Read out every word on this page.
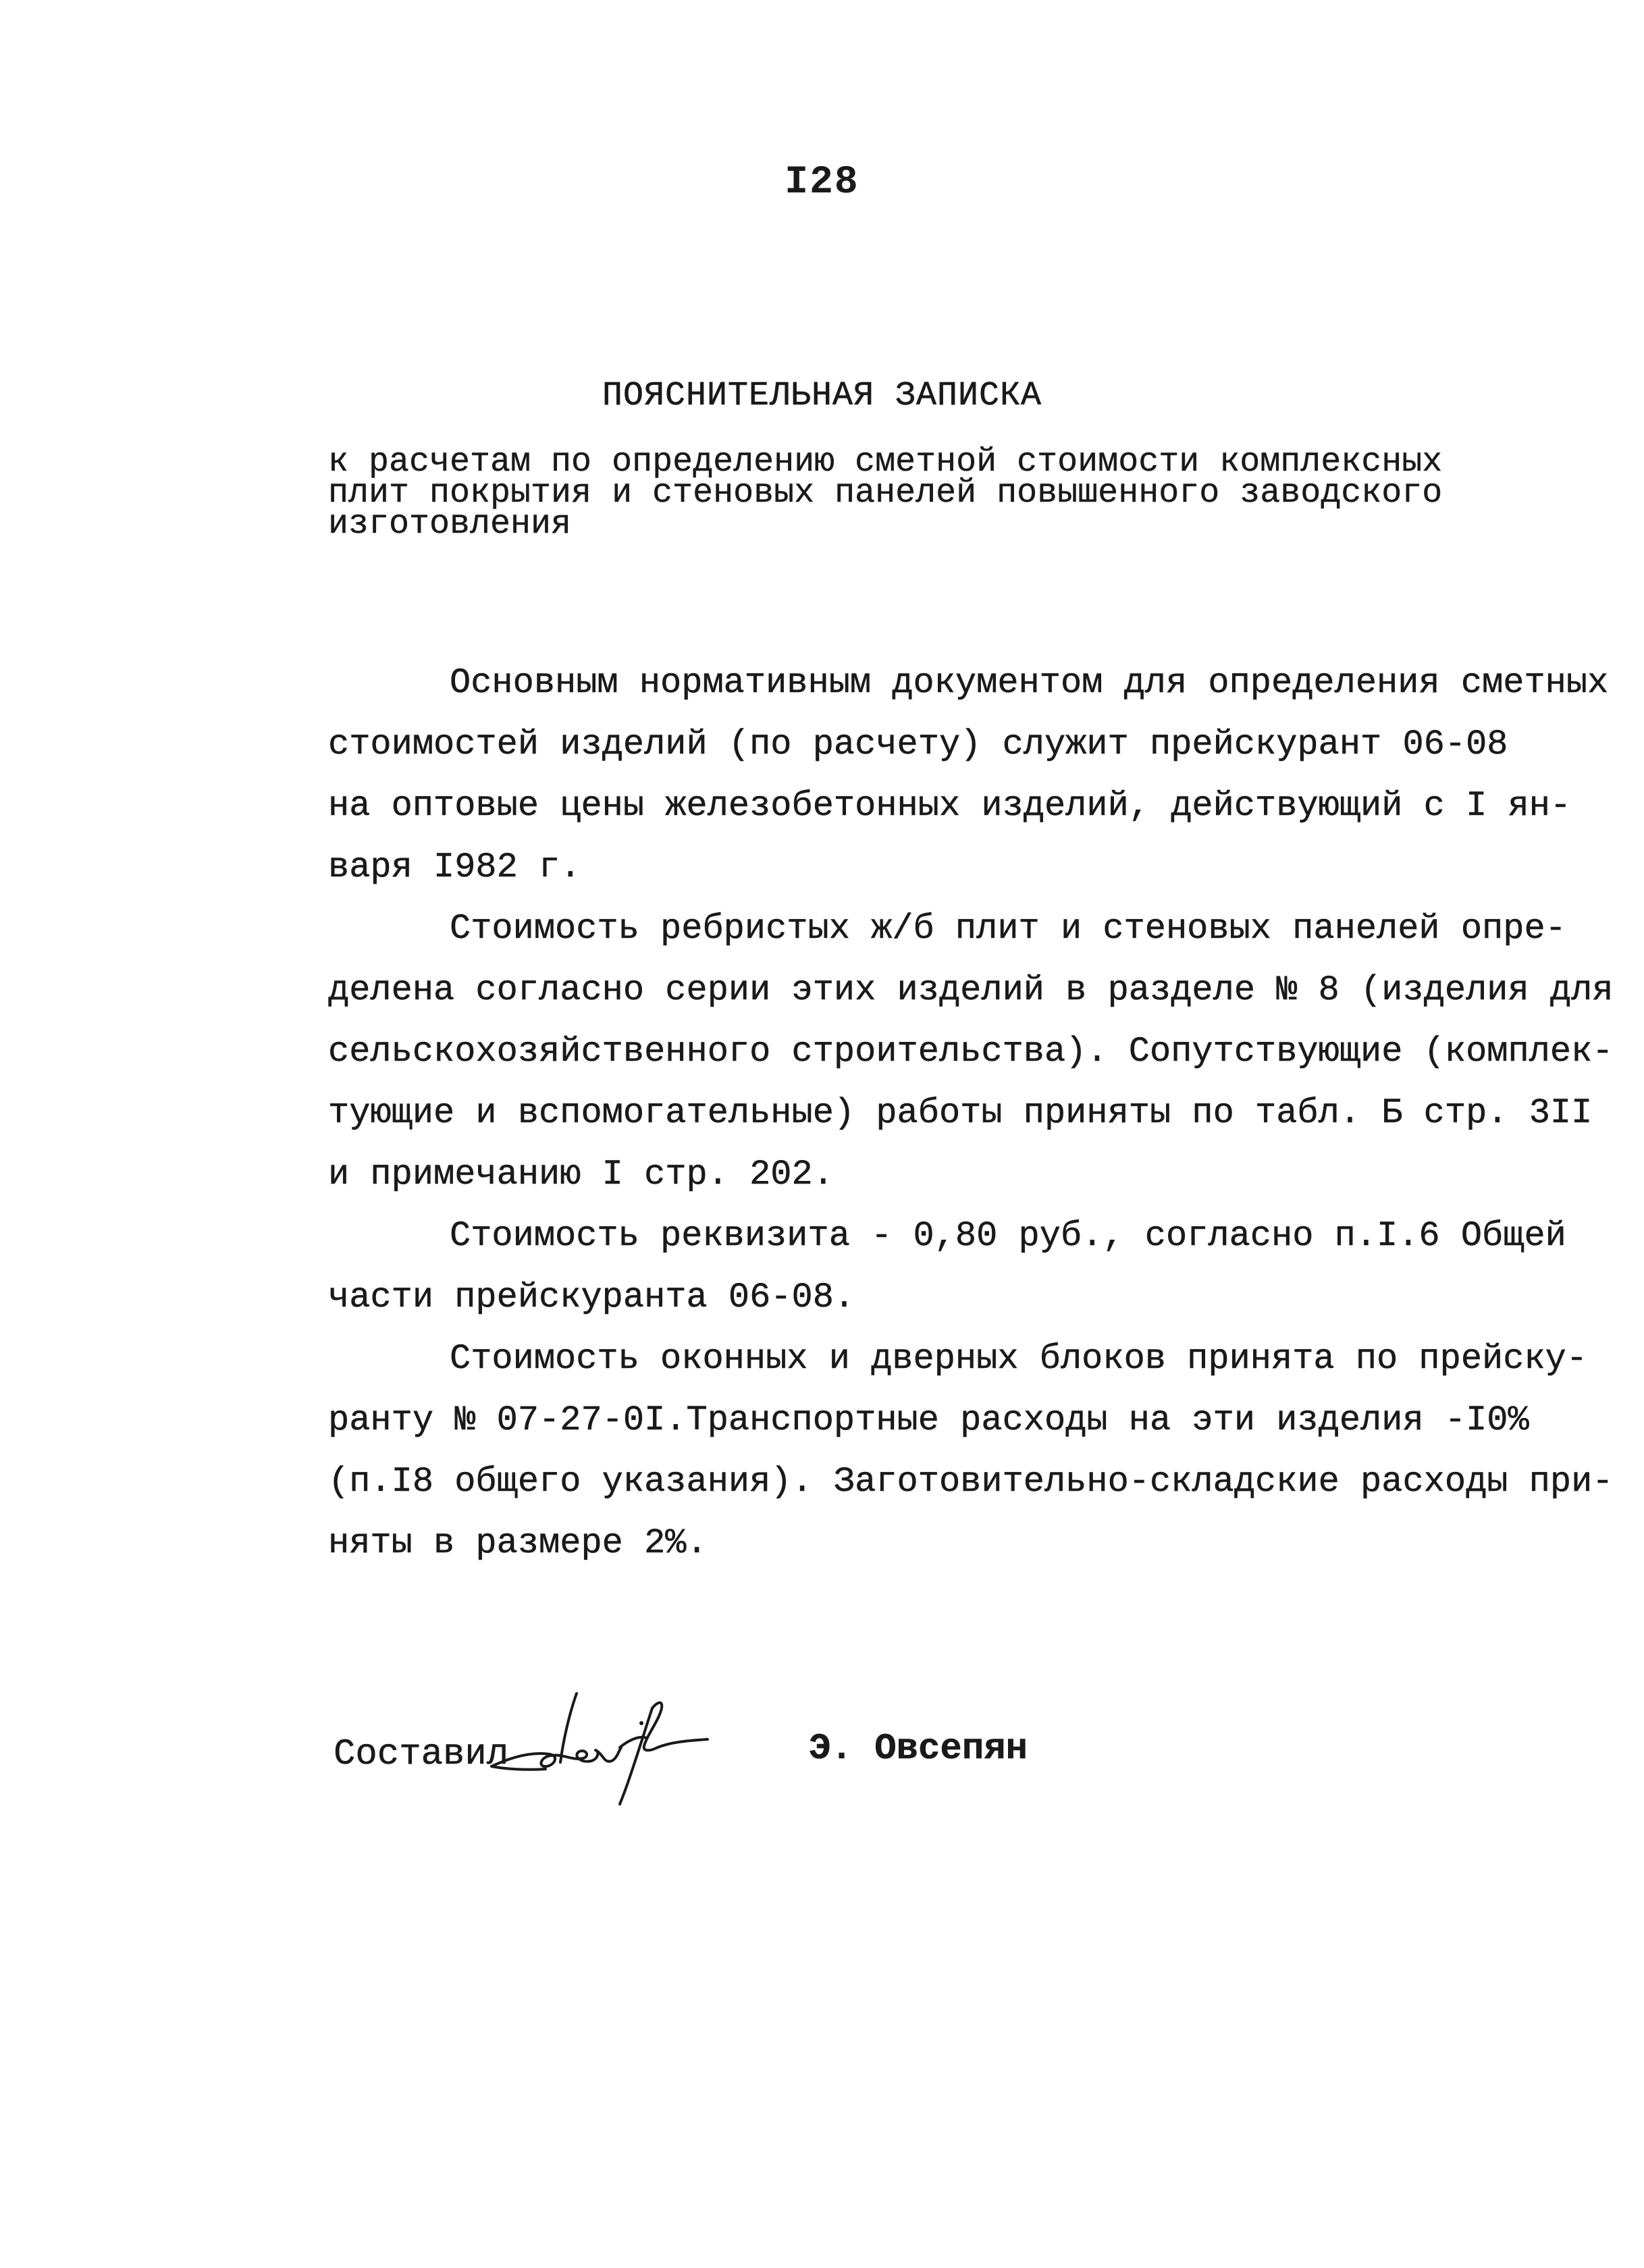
I28
ПОЯСНИТЕЛЬНАЯ ЗАПИСКА
к расчетам по определению сметной стоимости комплексных
плит покрытия и стеновых панелей повышенного заводского
изготовления

Основным нормативным документом для определения сметных
стоимостей изделий (по расчету) служит прейскурант 06-08
на оптовые цены железобетонных изделий, действующий с I ян-
варя I982 г.

Стоимость ребристых ж/б плит и стеновых панелей опре-
делена согласно серии этих изделий в разделе № 8 (изделия для
сельскохозяйственного строительства). Сопутствующие (комплек-
тующие и вспомогательные) работы приняты по табл. Б стр. 3II
и примечанию I стр. 202.

Стоимость реквизита - 0,80 руб., согласно п.I.6 Общей
части прейскуранта 06-08.

Стоимость оконных и дверных блоков принята по прейску-
ранту № 07-27-0I.Транспортные расходы на эти изделия -I0%
(п.I8 общего указания). Заготовительно-складские расходы при-
няты в размере 2%.

Составил	Э. Овсепян
